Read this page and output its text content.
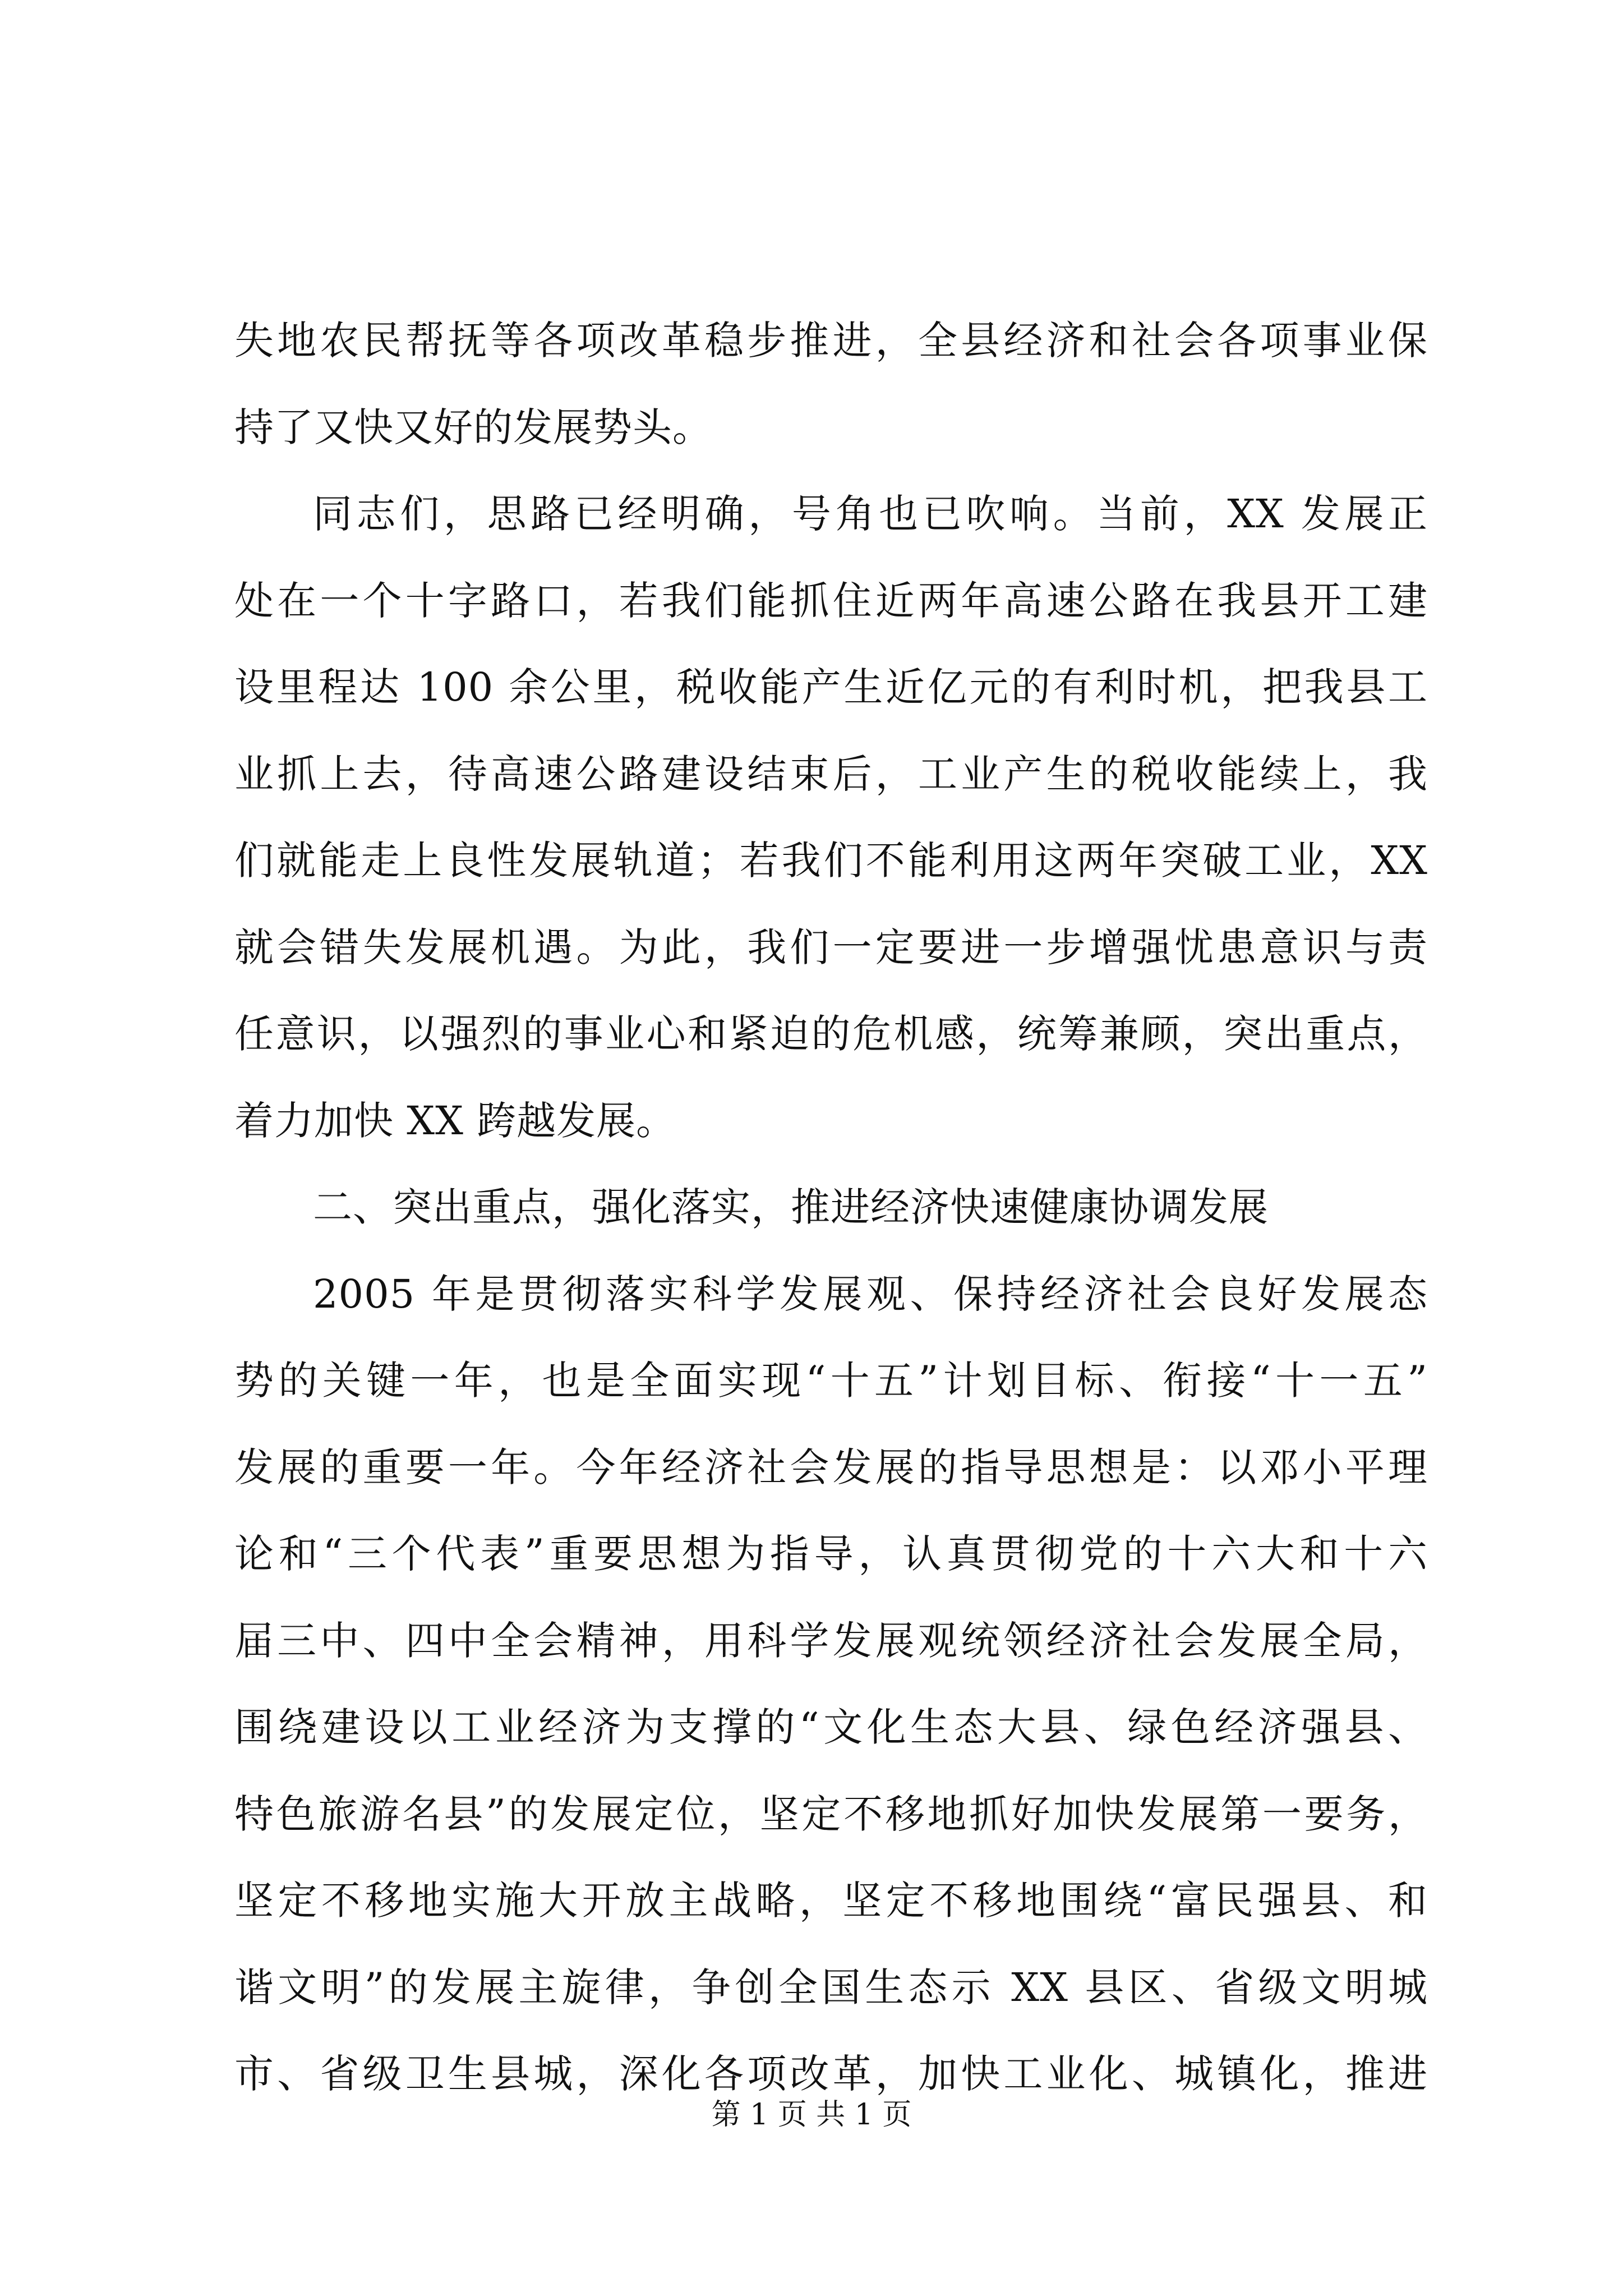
失地农民帮抚等各项改革稳步推进，全县经济和社会各项事业保
持了又快又好的发展势头。
同志们，思路已经明确，号角也已吹响。当前，XX 发展正
处在一个十字路口，若我们能抓住近两年高速公路在我县开工建
设里程达 100 余公里，税收能产生近亿元的有利时机，把我县工
业抓上去，待高速公路建设结束后，工业产生的税收能续上，我
们就能走上良性发展轨道；若我们不能利用这两年突破工业，XX
就会错失发展机遇。为此，我们一定要进一步增强忧患意识与责
任意识，以强烈的事业心和紧迫的危机感，统筹兼顾，突出重点，
着力加快 XX 跨越发展。
二、突出重点，强化落实，推进经济快速健康协调发展
2005 年是贯彻落实科学发展观、保持经济社会良好发展态
势的关键一年，也是全面实现“十五”计划目标、衔接“十一五”
发展的重要一年。今年经济社会发展的指导思想是：以邓小平理
论和“三个代表”重要思想为指导，认真贯彻党的十六大和十六
届三中、四中全会精神，用科学发展观统领经济社会发展全局，
围绕建设以工业经济为支撑的“文化生态大县、绿色经济强县、
特色旅游名县”的发展定位，坚定不移地抓好加快发展第一要务，
坚定不移地实施大开放主战略，坚定不移地围绕“富民强县、和
谐文明”的发展主旋律，争创全国生态示 XX 县区、省级文明城
市、省级卫生县城，深化各项改革，加快工业化、城镇化，推进
第 1 页 共 1 页
